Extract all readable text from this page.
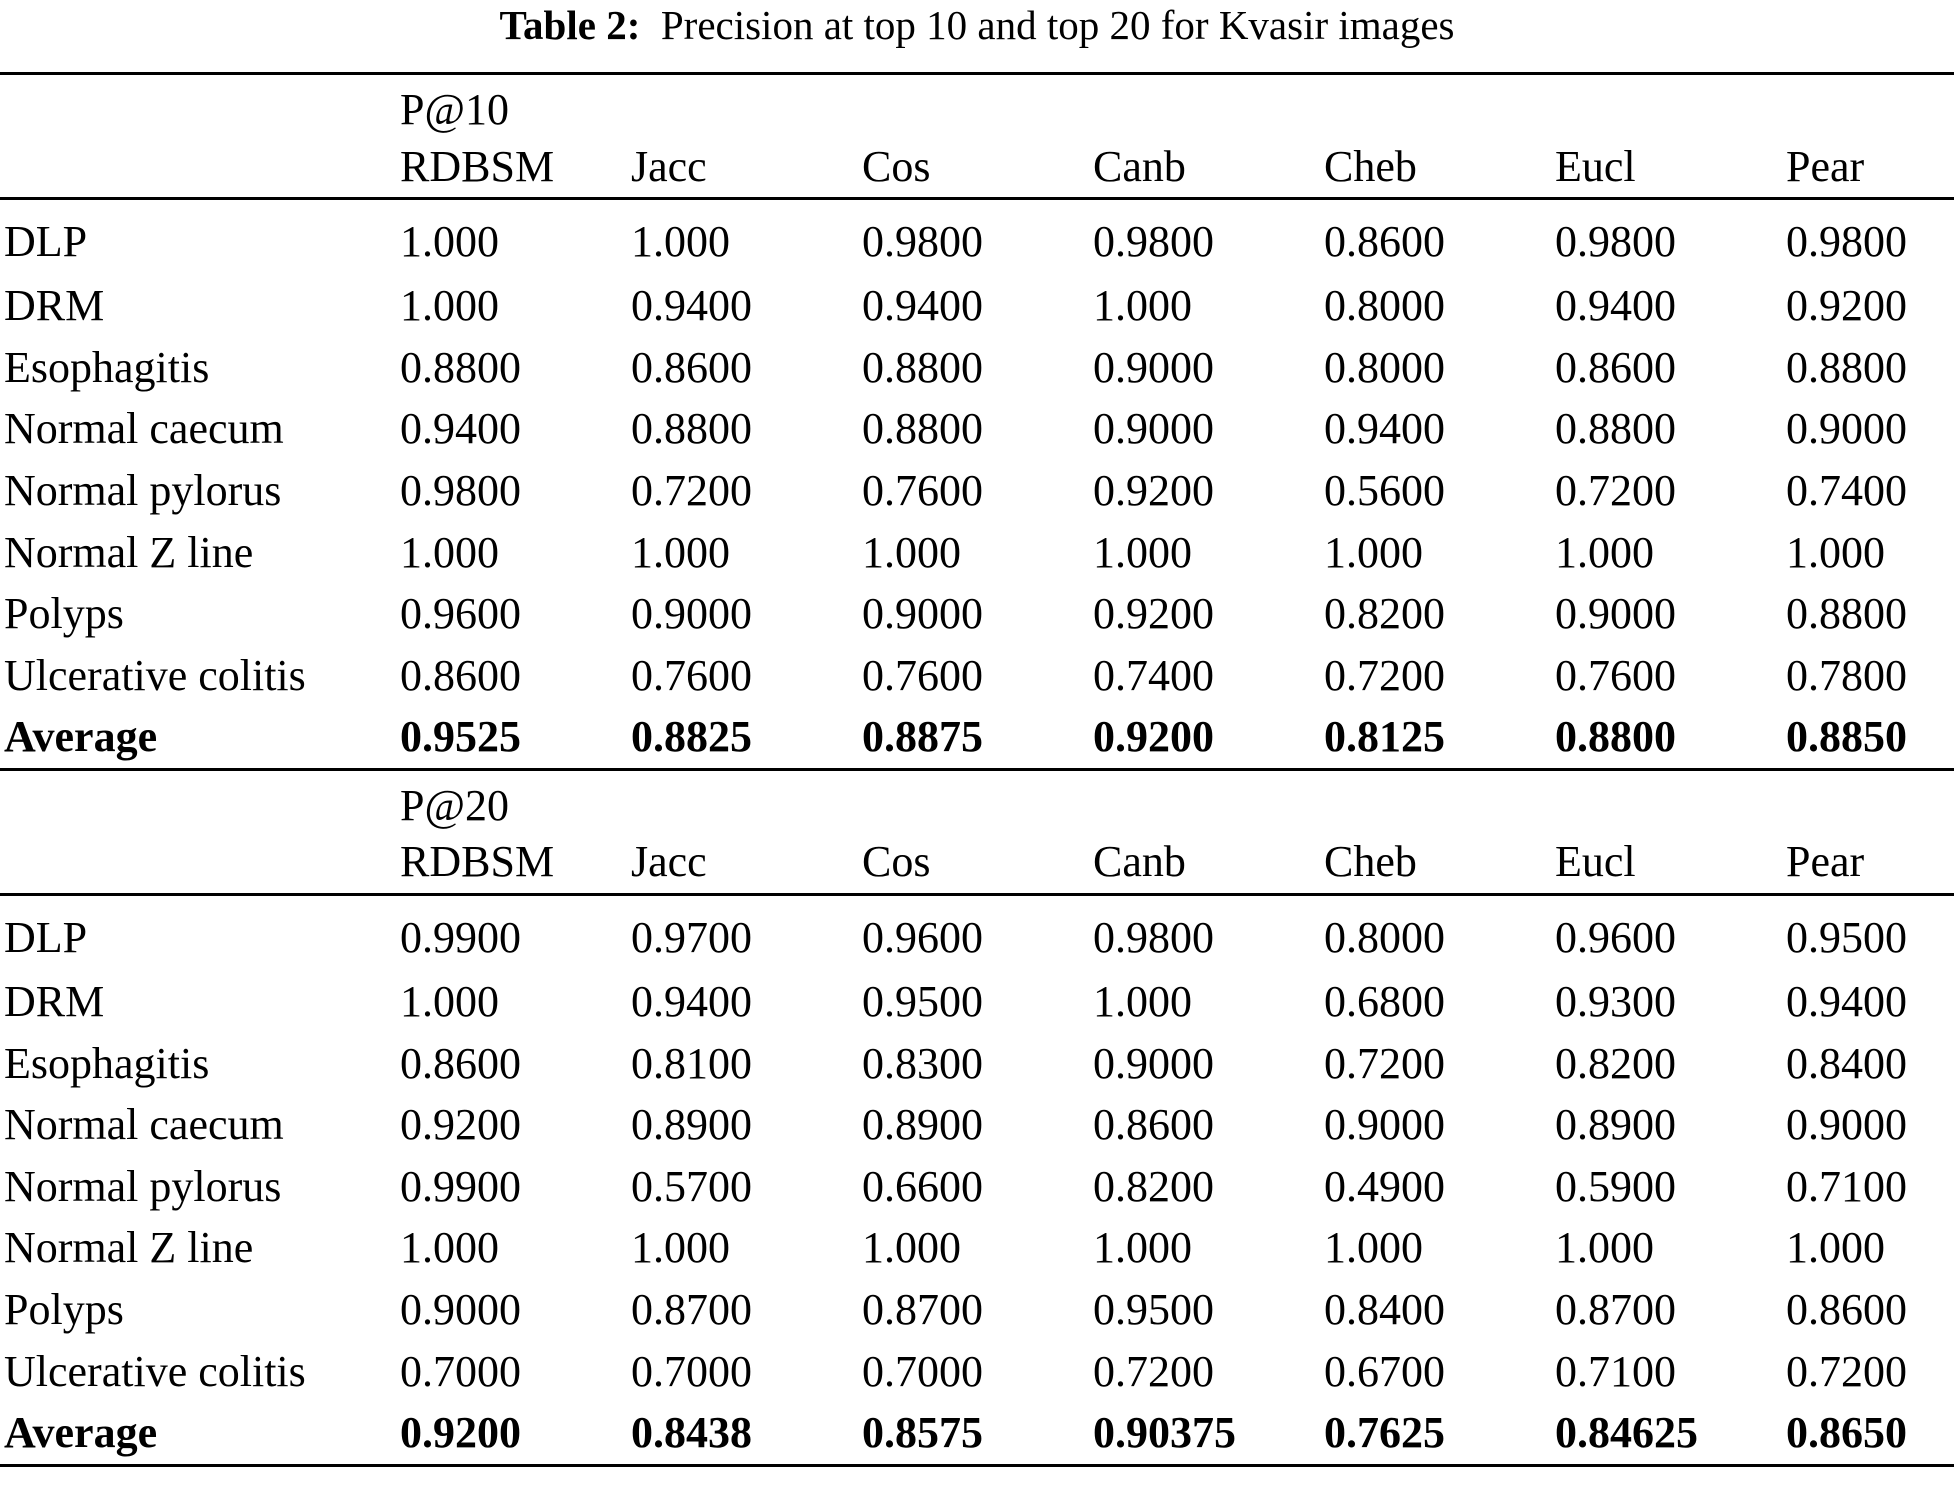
Table 2: Precision at top 10 and top 20 for Kvasir images
	P@10						
	RDBSM	Jacc	Cos	Canb	Cheb	Eucl	Pear
DLP	1.000	1.000	0.9800	0.9800	0.8600	0.9800	0.9800
DRM	1.000	0.9400	0.9400	1.000	0.8000	0.9400	0.9200
Esophagitis	0.8800	0.8600	0.8800	0.9000	0.8000	0.8600	0.8800
Normal caecum	0.9400	0.8800	0.8800	0.9000	0.9400	0.8800	0.9000
Normal pylorus	0.9800	0.7200	0.7600	0.9200	0.5600	0.7200	0.7400
Normal Z line	1.000	1.000	1.000	1.000	1.000	1.000	1.000
Polyps	0.9600	0.9000	0.9000	0.9200	0.8200	0.9000	0.8800
Ulcerative colitis	0.8600	0.7600	0.7600	0.7400	0.7200	0.7600	0.7800
Average	0.9525	0.8825	0.8875	0.9200	0.8125	0.8800	0.8850
	P@20						
	RDBSM	Jacc	Cos	Canb	Cheb	Eucl	Pear
DLP	0.9900	0.9700	0.9600	0.9800	0.8000	0.9600	0.9500
DRM	1.000	0.9400	0.9500	1.000	0.6800	0.9300	0.9400
Esophagitis	0.8600	0.8100	0.8300	0.9000	0.7200	0.8200	0.8400
Normal caecum	0.9200	0.8900	0.8900	0.8600	0.9000	0.8900	0.9000
Normal pylorus	0.9900	0.5700	0.6600	0.8200	0.4900	0.5900	0.7100
Normal Z line	1.000	1.000	1.000	1.000	1.000	1.000	1.000
Polyps	0.9000	0.8700	0.8700	0.9500	0.8400	0.8700	0.8600
Ulcerative colitis	0.7000	0.7000	0.7000	0.7200	0.6700	0.7100	0.7200
Average	0.9200	0.8438	0.8575	0.90375	0.7625	0.84625	0.8650
